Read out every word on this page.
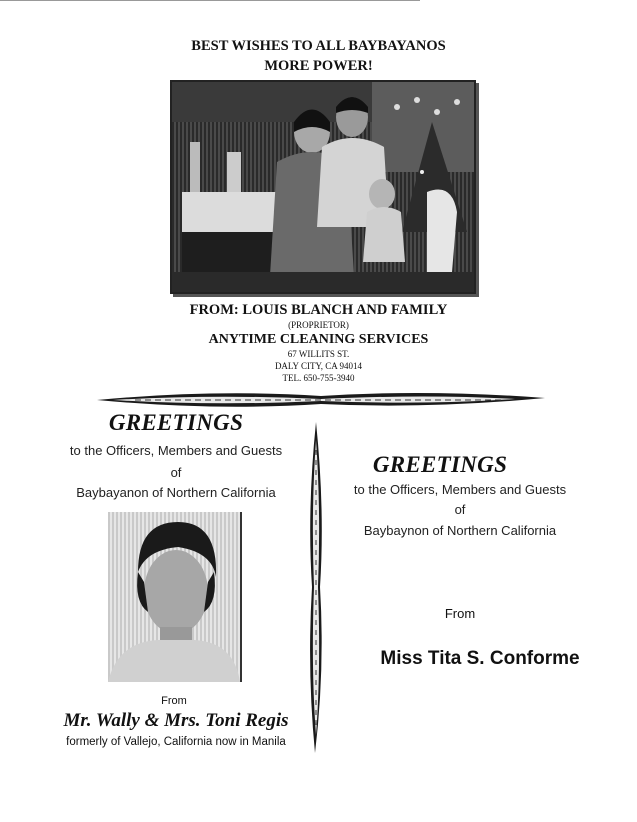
BEST WISHES TO ALL BAYBAYANOS
MORE POWER!
FROM: LOUIS BLANCH AND FAMILY
(PROPRIETOR)
ANYTIME CLEANING SERVICES
67 WILLITS ST.
DALY CITY, CA 94014
TEL. 650-755-3940
GREETINGS
to the Officers, Members and Guests
of
Baybayanon of Northern California
From
Mr. Wally & Mrs. Toni Regis
formerly of Vallejo, California now in Manila
GREETINGS
to the Officers, Members and Guests
of
Baybaynon of Northern California
From
Miss Tita S. Conforme
